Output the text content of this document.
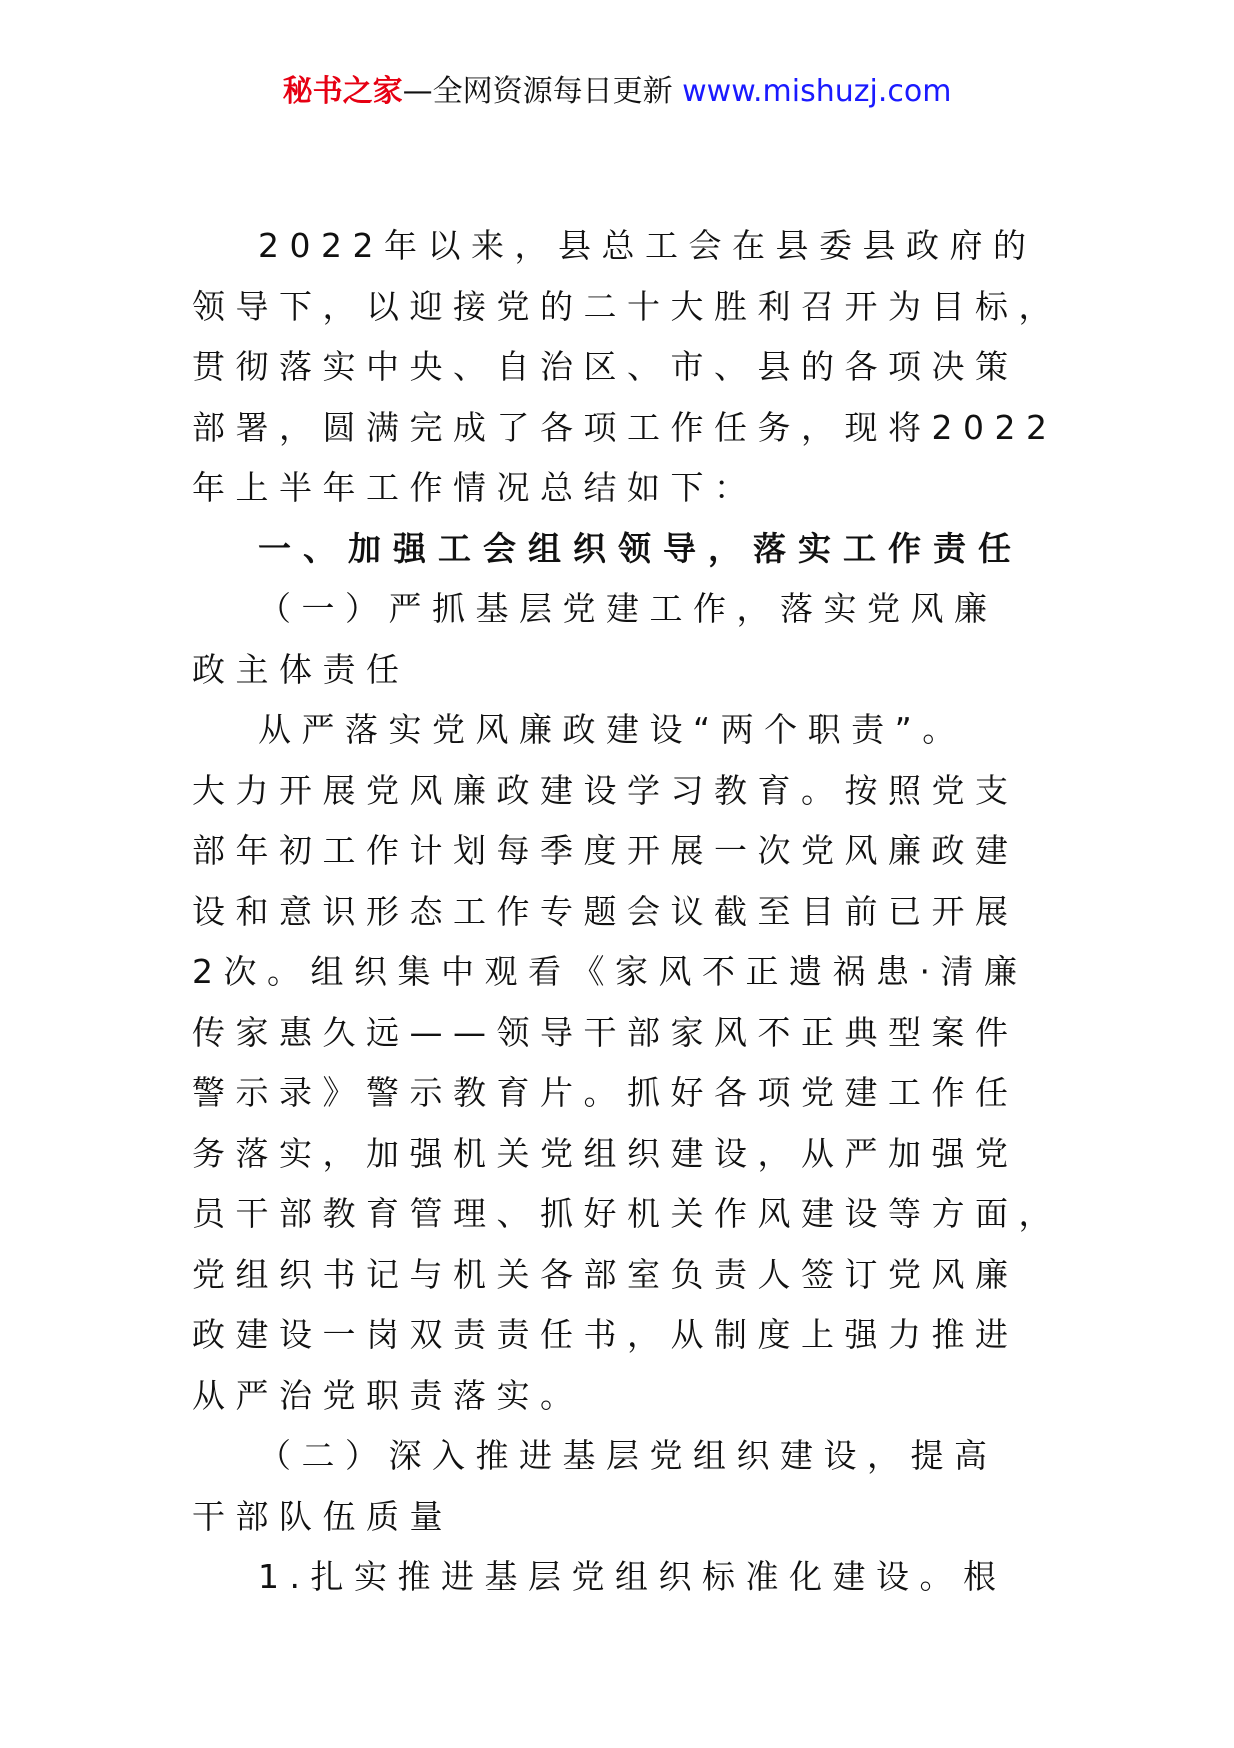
秘书之家—全网资源每日更新 www.mishuzj.com
2022年以来，县总工会在县委县政府的
领导下，以迎接党的二十大胜利召开为目标，
贯彻落实中央、自治区、市、县的各项决策
部署，圆满完成了各项工作任务，现将2022
年上半年工作情况总结如下：
一、加强工会组织领导，落实工作责任
（一）严抓基层党建工作，落实党风廉
政主体责任
从严落实党风廉政建设“两个职责”。
大力开展党风廉政建设学习教育。按照党支
部年初工作计划每季度开展一次党风廉政建
设和意识形态工作专题会议截至目前已开展
2次。组织集中观看《家风不正遗祸患·清廉
传家惠久远——领导干部家风不正典型案件
警示录》警示教育片。抓好各项党建工作任
务落实，加强机关党组织建设，从严加强党
员干部教育管理、抓好机关作风建设等方面，
党组织书记与机关各部室负责人签订党风廉
政建设一岗双责责任书，从制度上强力推进
从严治党职责落实。
（二）深入推进基层党组织建设，提高
干部队伍质量
1.扎实推进基层党组织标准化建设。根
